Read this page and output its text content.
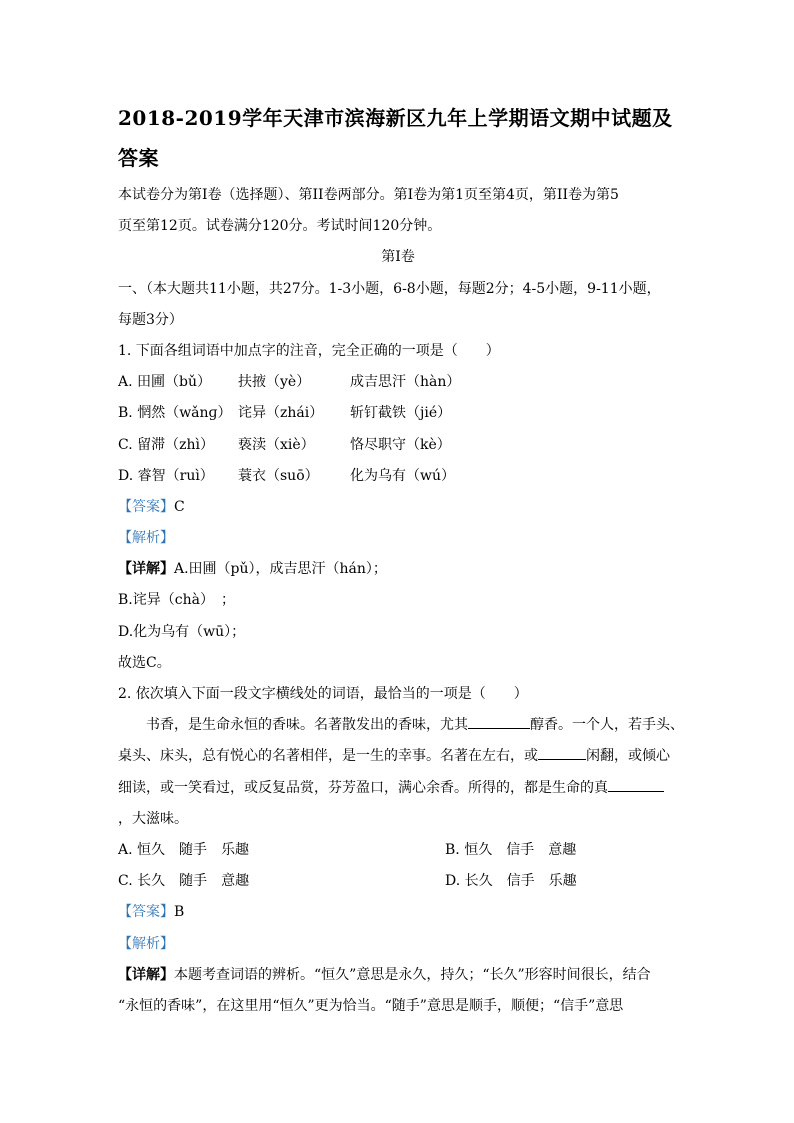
2018-2019学年天津市滨海新区九年上学期语文期中试题及
答案
本试卷分为第Ⅰ卷（选择题）、第II卷两部分。第Ⅰ卷为第1页至第4页，第II卷为第5
页至第12页。试卷满分120分。考试时间120分钟。
第Ⅰ卷
一、（本大题共11小题，共27分。1-3小题，6-8小题，每题2分；4-5小题，9-11小题，
每题3分）
1. 下面各组词语中加点字的注音，完全正确的一项是（　　）
A. 田圃（bǔ） 扶掖（yè）	成吉思汗（hàn）
B. 惘然（wǎnɡ） 诧异（zhái） 斩钉截铁（jié）
C. 留滞（zhì） 亵渎（xiè）	恪尽职守（kè）
D. 睿智（ruì） 蓑衣（suō） 化为乌有（wú）
【答案】C
【解析】
【详解】A.田圃（pǔ），成吉思汗（hán）；
B.诧异（chà）　；
D.化为乌有（wū）；
故选C。
2. 依次填入下面一段文字横线处的词语，最恰当的一项是（　　）
书香，是生命永恒的香味。名著散发出的香味，尤其	醇香。一个人，若手头、
桌头、床头，总有悦心的名著相伴，是一生的幸事。名著在左右，或	闲翻，或倾心
细读，或一笑看过，或反复品赏，芬芳盈口，满心余香。所得的，都是生命的真
，大滋味。
A. 恒久　随手　乐趣	B. 恒久　信手　意趣
C. 长久　随手　意趣	D. 长久　信手　乐趣
【答案】B
【解析】
【详解】本题考查词语的辨析。“恒久”意思是永久，持久；“长久”形容时间很长，结合
“永恒的香味”，在这里用“恒久”更为恰当。“随手”意思是顺手，顺便；“信手”意思
